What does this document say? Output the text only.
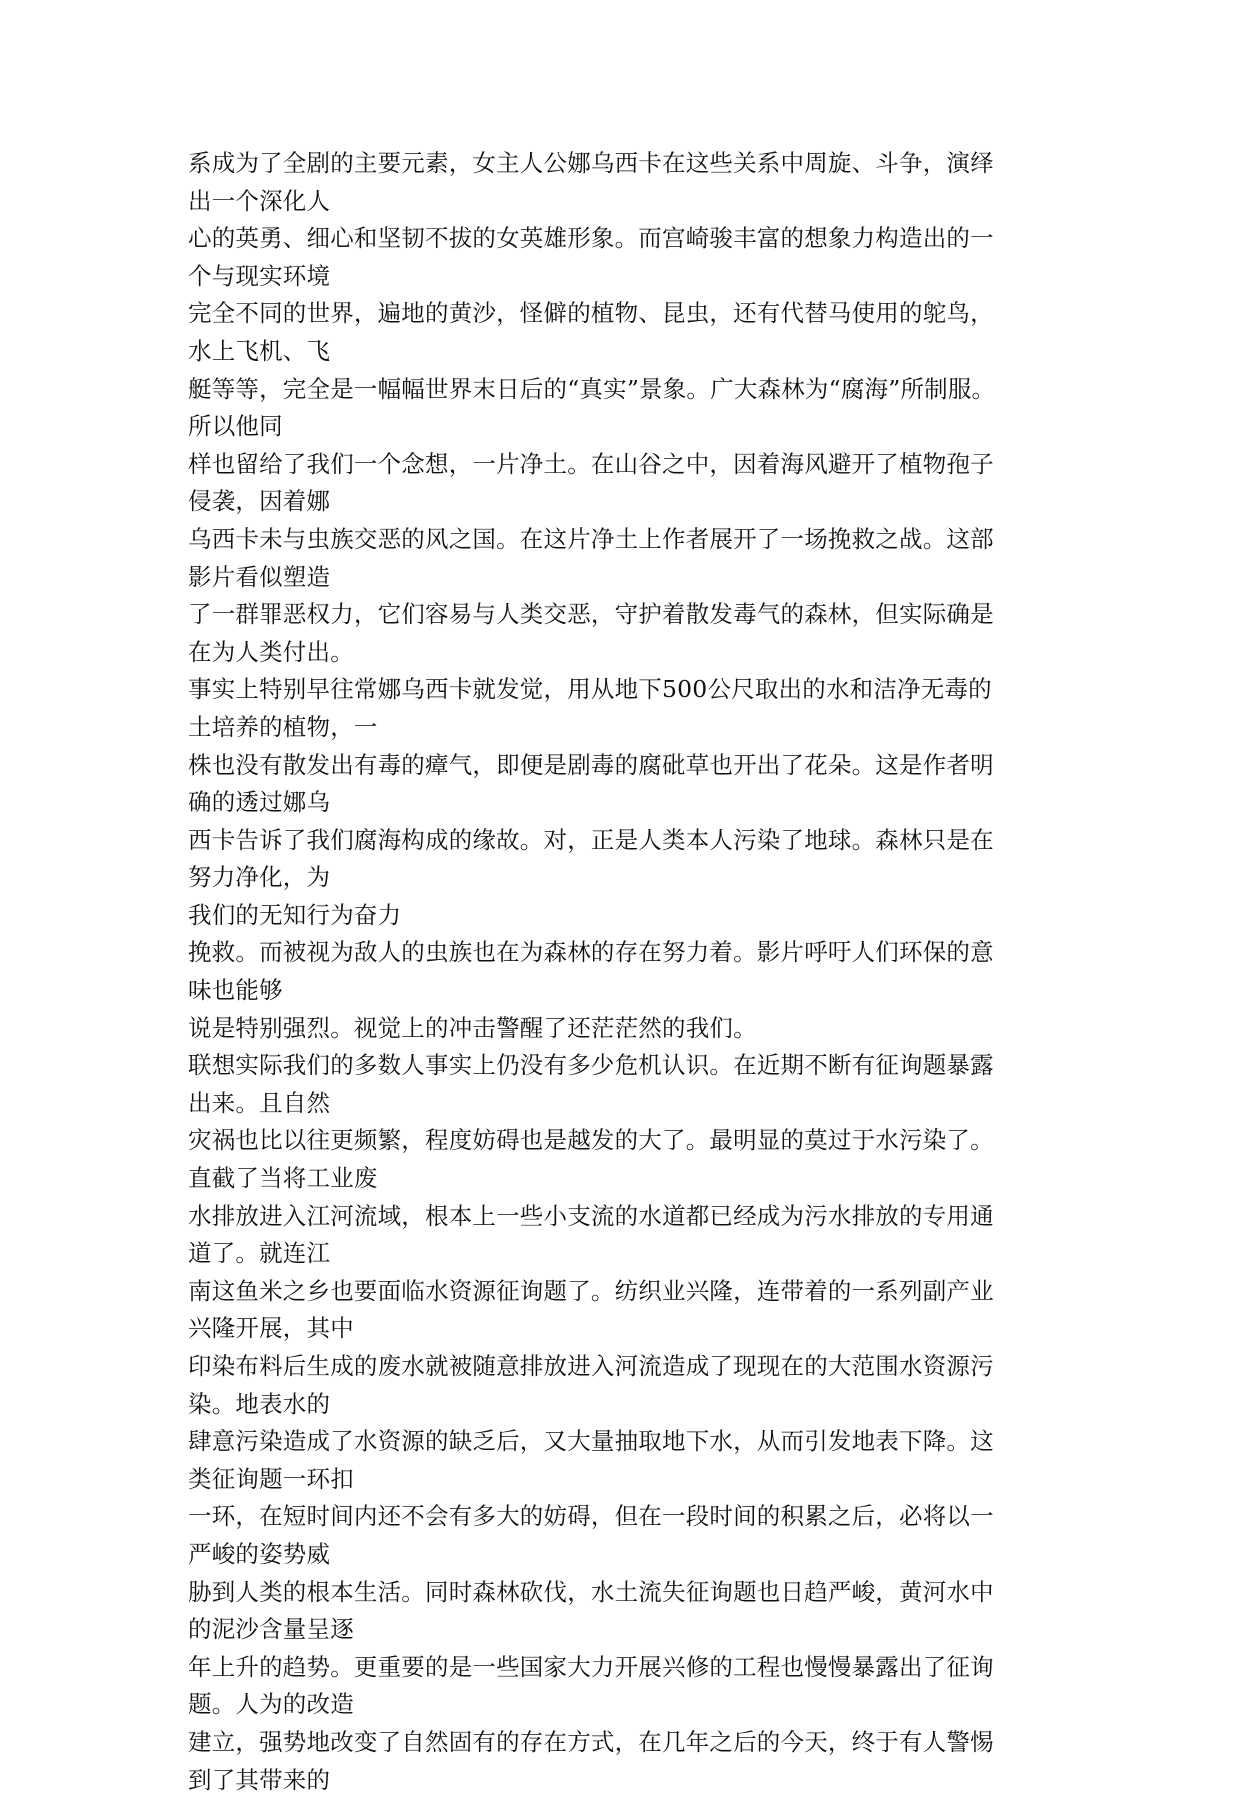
系成为了全剧的主要元素，女主人公娜乌西卡在这些关系中周旋、斗争，演绎
出一个深化人
心的英勇、细心和坚韧不拔的女英雄形象。而宫崎骏丰富的想象力构造出的一
个与现实环境
完全不同的世界，遍地的黄沙，怪僻的植物、昆虫，还有代替马使用的鸵鸟，
水上飞机、飞
艇等等，完全是一幅幅世界末日后的“真实”景象。广大森林为“腐海”所制服。
所以他同
样也留给了我们一个念想，一片净土。在山谷之中，因着海风避开了植物孢子
侵袭，因着娜
乌西卡未与虫族交恶的风之国。在这片净土上作者展开了一场挽救之战。这部
影片看似塑造
了一群罪恶权力，它们容易与人类交恶，守护着散发毒气的森林，但实际确是
在为人类付出。
事实上特别早往常娜乌西卡就发觉，用从地下500公尺取出的水和洁净无毒的
土培养的植物，一
株也没有散发出有毒的瘴气，即便是剧毒的腐砒草也开出了花朵。这是作者明
确的透过娜乌
西卡告诉了我们腐海构成的缘故。对，正是人类本人污染了地球。森林只是在
努力净化，为
我们的无知行为奋力
挽救。而被视为敌人的虫族也在为森林的存在努力着。影片呼吁人们环保的意
味也能够
说是特别强烈。视觉上的冲击警醒了还茫茫然的我们。
联想实际我们的多数人事实上仍没有多少危机认识。在近期不断有征询题暴露
出来。且自然
灾祸也比以往更频繁，程度妨碍也是越发的大了。最明显的莫过于水污染了。
直截了当将工业废
水排放进入江河流域，根本上一些小支流的水道都已经成为污水排放的专用通
道了。就连江
南这鱼米之乡也要面临水资源征询题了。纺织业兴隆，连带着的一系列副产业
兴隆开展，其中
印染布料后生成的废水就被随意排放进入河流造成了现现在的大范围水资源污
染。地表水的
肆意污染造成了水资源的缺乏后，又大量抽取地下水，从而引发地表下降。这
类征询题一环扣
一环，在短时间内还不会有多大的妨碍，但在一段时间的积累之后，必将以一
严峻的姿势威
胁到人类的根本生活。同时森林砍伐，水土流失征询题也日趋严峻，黄河水中
的泥沙含量呈逐
年上升的趋势。更重要的是一些国家大力开展兴修的工程也慢慢暴露出了征询
题。人为的改造
建立，强势地改变了自然固有的存在方式，在几年之后的今天，终于有人警惕
到了其带来的
